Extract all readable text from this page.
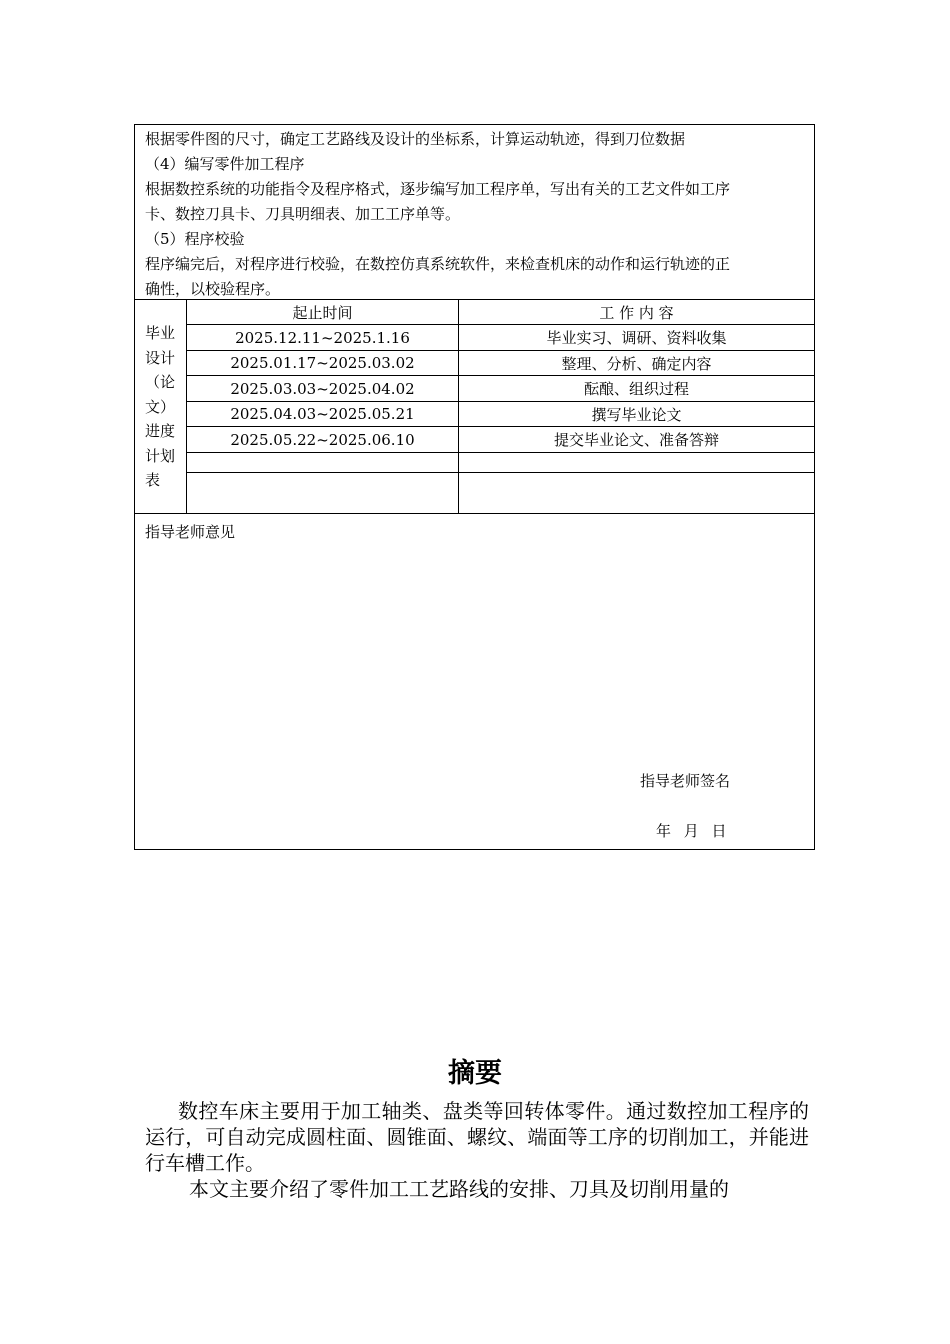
根据零件图的尺寸，确定工艺路线及设计的坐标系，计算运动轨迹，得到刀位数据

（4）编写零件加工程序

根据数控系统的功能指令及程序格式，逐步编写加工程序单，写出有关的工艺文件如工序

卡、数控刀具卡、刀具明细表、加工工序单等。

（5）程序校验

程序编完后，对程序进行校验，在数控仿真系统软件，来检查机床的动作和运行轨迹的正

确性，以校验程序。

毕业
设计
（论
文）
进度
计划
表
起止时间	工 作 内 容
2025.12.11~2025.1.16	毕业实习、调研、资料收集
2025.01.17~2025.03.02	整理、分析、确定内容
2025.03.03~2025.04.02	酝酿、组织过程
2025.04.03~2025.05.21	撰写毕业论文
2025.05.22~2025.06.10	提交毕业论文、准备答辩
指导老师意见
指导老师签名
年 月 日
摘要

数控车床主要用于加工轴类、盘类等回转体零件。通过数控加工程序的运行，可自动完成圆柱面、圆锥面、螺纹、端面等工序的切削加工，并能进行车槽工作。

本文主要介绍了零件加工工艺路线的安排、刀具及切削用量的
